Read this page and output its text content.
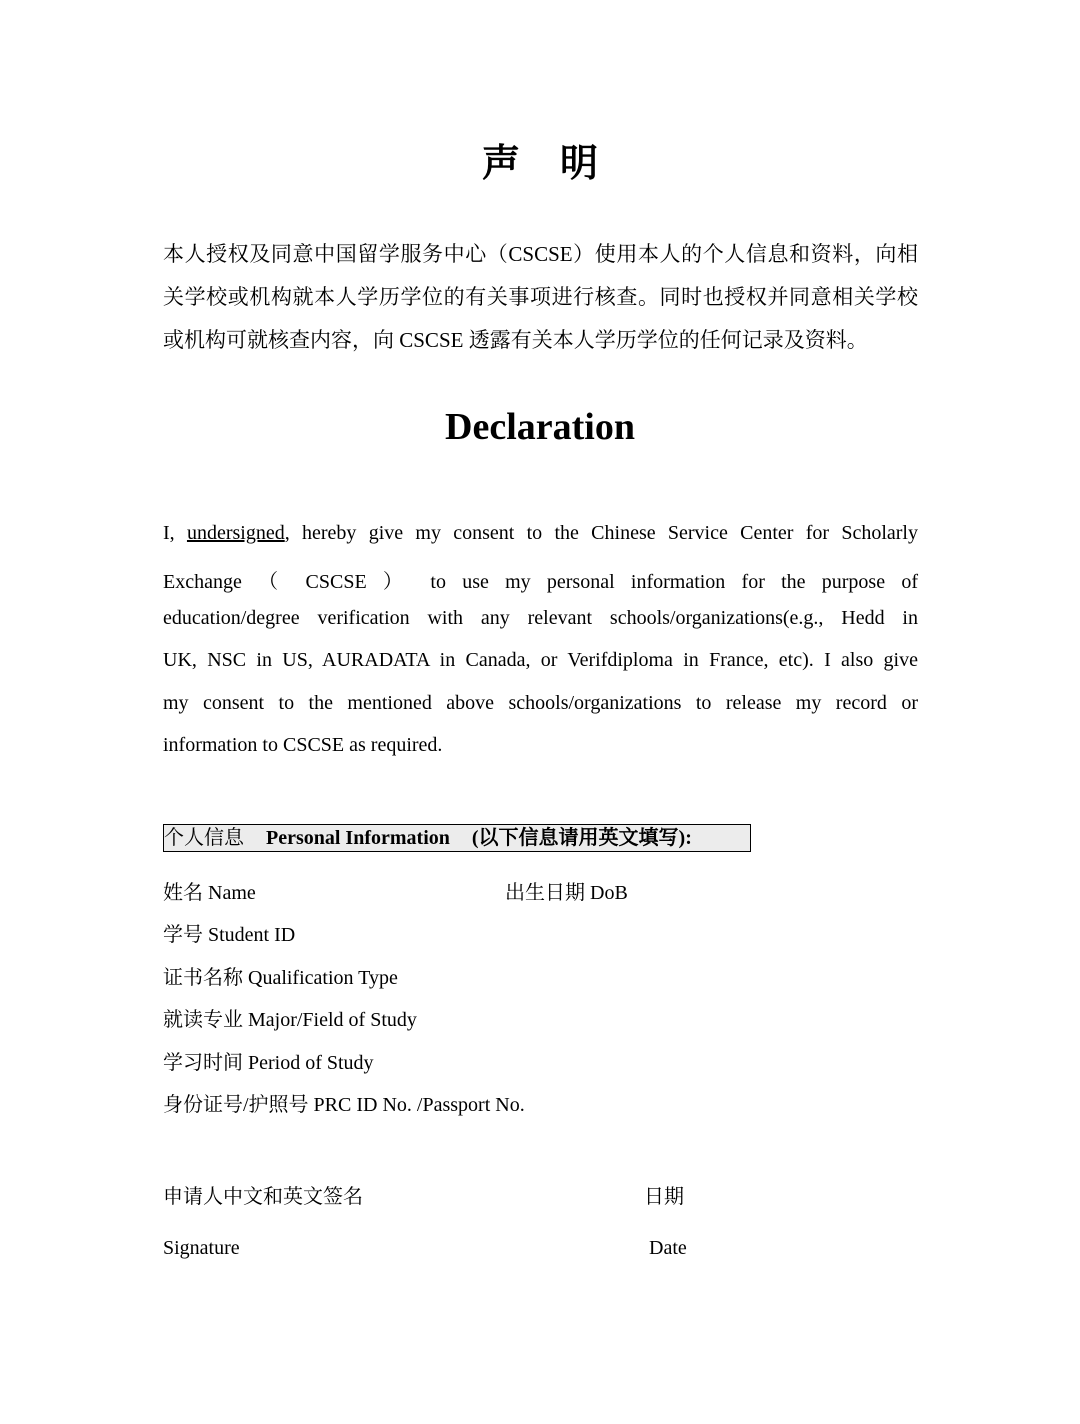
声明
本人授权及同意中国留学服务中心（CSCSE）使用本人的个人信息和资料，向相
关学校或机构就本人学历学位的有关事项进行核查。同时也授权并同意相关学校
或机构可就核查内容，向 CSCSE 透露有关本人学历学位的任何记录及资料。
Declaration
I, undersigned, hereby give my consent to the Chinese Service Center for Scholarly
Exchange （ CSCSE ） to use my personal information for the purpose of
education/degree verification with any relevant schools/organizations(e.g., Hedd in
UK, NSC in US, AURADATA in Canada, or Verifdiploma in France, etc). I also give
my consent to the mentioned above schools/organizations to release my record or
information to CSCSE as required.
个人信息 Personal Information (以下信息请用英文填写):
姓名 Name	出生日期 DoB
学号 Student ID
证书名称 Qualification Type
就读专业 Major/Field of Study
学习时间 Period of Study
身份证号/护照号 PRC ID No. /Passport No.
申请人中文和英文签名	日期
Signature	Date
